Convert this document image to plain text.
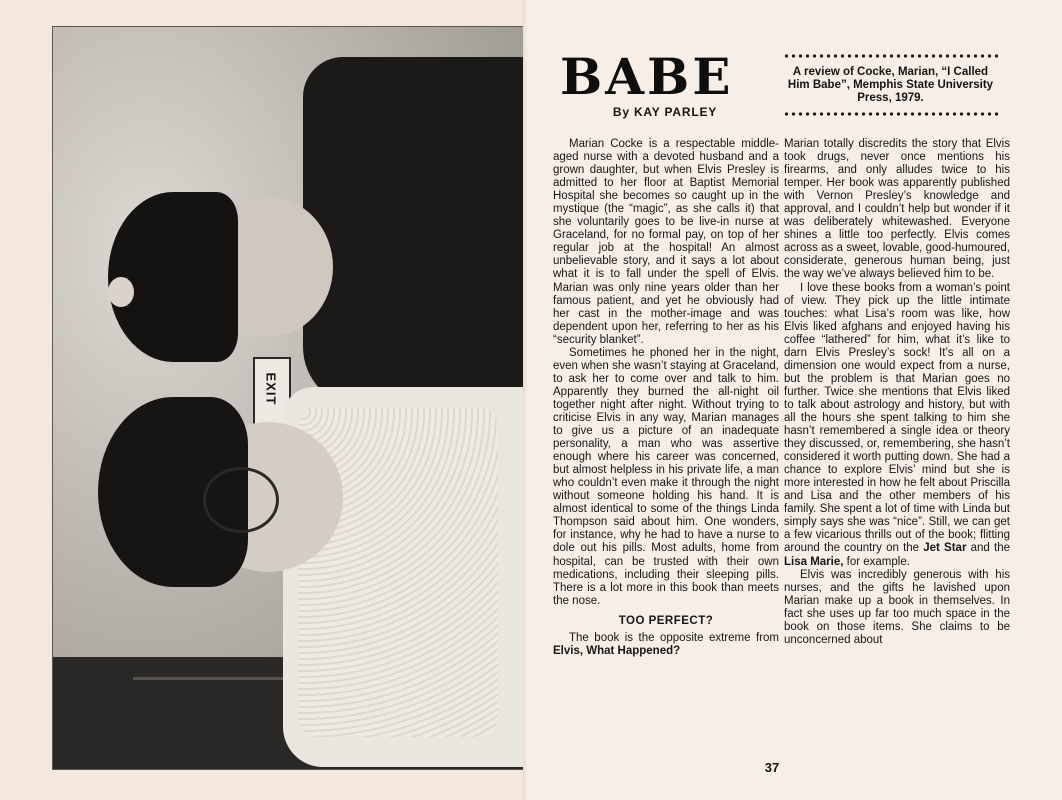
EXIT
BABE

By KAY PARLEY

A review of Cocke, Marian, “I Called Him Babe”, Memphis State University Press, 1979.

Marian Cocke is a respectable middle-aged nurse with a devoted husband and a grown daughter, but when Elvis Presley is admitted to her floor at Baptist Memorial Hospital she becomes so caught up in the mystique (the “magic”, as she calls it) that she voluntarily goes to be live-in nurse at Graceland, for no formal pay, on top of her regular job at the hospital! An almost unbelievable story, and it says a lot about what it is to fall under the spell of Elvis. Marian was only nine years older than her famous patient, and yet he obviously had her cast in the mother-image and was dependent upon her, referring to her as his “security blanket”.

Sometimes he phoned her in the night, even when she wasn’t staying at Graceland, to ask her to come over and talk to him. Apparently they burned the all-night oil together night after night. Without trying to criticise Elvis in any way, Marian manages to give us a picture of an inadequate personality, a man who was assertive enough where his career was concerned, but almost helpless in his private life, a man who couldn’t even make it through the night without someone holding his hand. It is almost identical to some of the things Linda Thompson said about him. One wonders, for instance, why he had to have a nurse to dole out his pills. Most adults, home from hospital, can be trusted with their own medications, including their sleeping pills. There is a lot more in this book than meets the nose.

TOO PERFECT?

The book is the opposite extreme from Elvis, What Happened?

Marian totally discredits the story that Elvis took drugs, never once mentions his firearms, and only alludes twice to his temper. Her book was apparently published with Vernon Presley’s knowledge and approval, and I couldn’t help but wonder if it was deliberately whitewashed. Everyone shines a little too perfectly. Elvis comes across as a sweet, lovable, good-humoured, considerate, generous human being, just the way we’ve always believed him to be.

I love these books from a woman’s point of view. They pick up the little intimate touches: what Lisa’s room was like, how Elvis liked afghans and enjoyed having his coffee “lathered” for him, what it’s like to darn Elvis Presley’s sock! It’s all on a dimension one would expect from a nurse, but the problem is that Marian goes no further. Twice she mentions that Elvis liked to talk about astrology and history, but with all the hours she spent talking to him she hasn’t remembered a single idea or theory they discussed, or, remembering, she hasn’t considered it worth putting down. She had a chance to explore Elvis’ mind but she is more interested in how he felt about Priscilla and Lisa and the other members of his family. She spent a lot of time with Linda but simply says she was “nice”. Still, we can get a few vicarious thrills out of the book; flitting around the country on the Jet Star and the Lisa Marie, for example.

Elvis was incredibly generous with his nurses, and the gifts he lavished upon Marian make up a book in themselves. In fact she uses up far too much space in the book on those items. She claims to be unconcerned about

37
